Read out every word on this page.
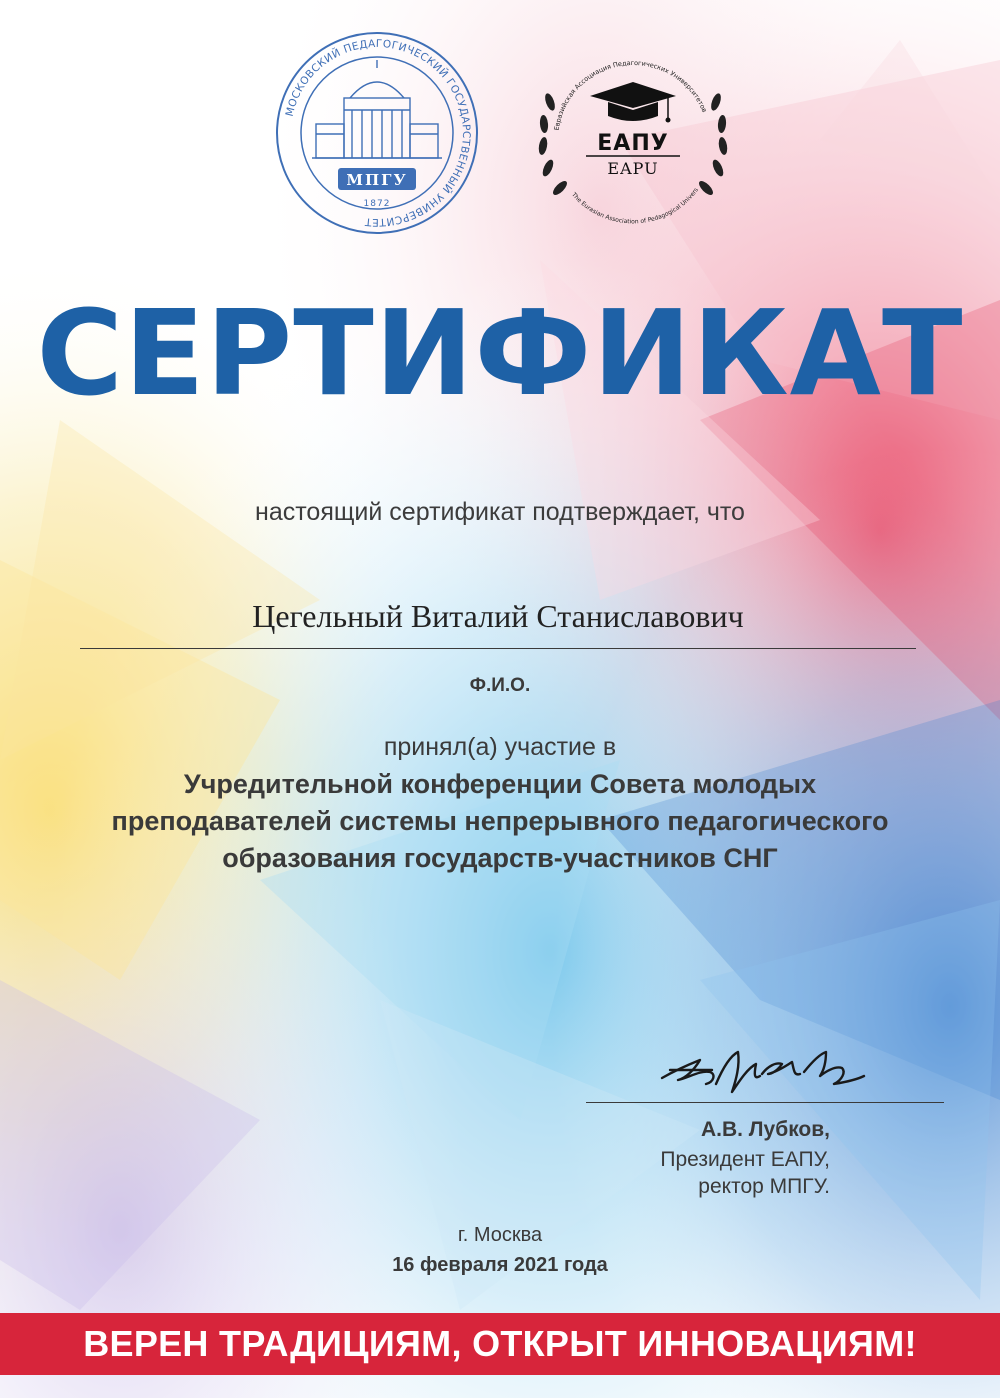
МОСКОВСКИЙ ПЕДАГОГИЧЕСКИЙ ГОСУДАРСТВЕННЫЙ УНИВЕРСИТЕТ
МПГУ
1872
Евразийская Ассоциация Педагогических Университетов
The Eurasian Association of Pedagogical Univers
ЕАПУ
EAPU
СЕРТИФИКАТ
настоящий сертификат подтверждает, что
Цегельный Виталий Станиславович
Ф.И.О.
принял(а) участие в
Учредительной конференции Совета молодых
преподавателей системы непрерывного педагогического
образования государств-участников СНГ
А.В. Лубков,
Президент ЕАПУ,
ректор МПГУ.
г. Москва
16 февраля 2021 года
ВЕРЕН ТРАДИЦИЯМ, ОТКРЫТ ИННОВАЦИЯМ!
